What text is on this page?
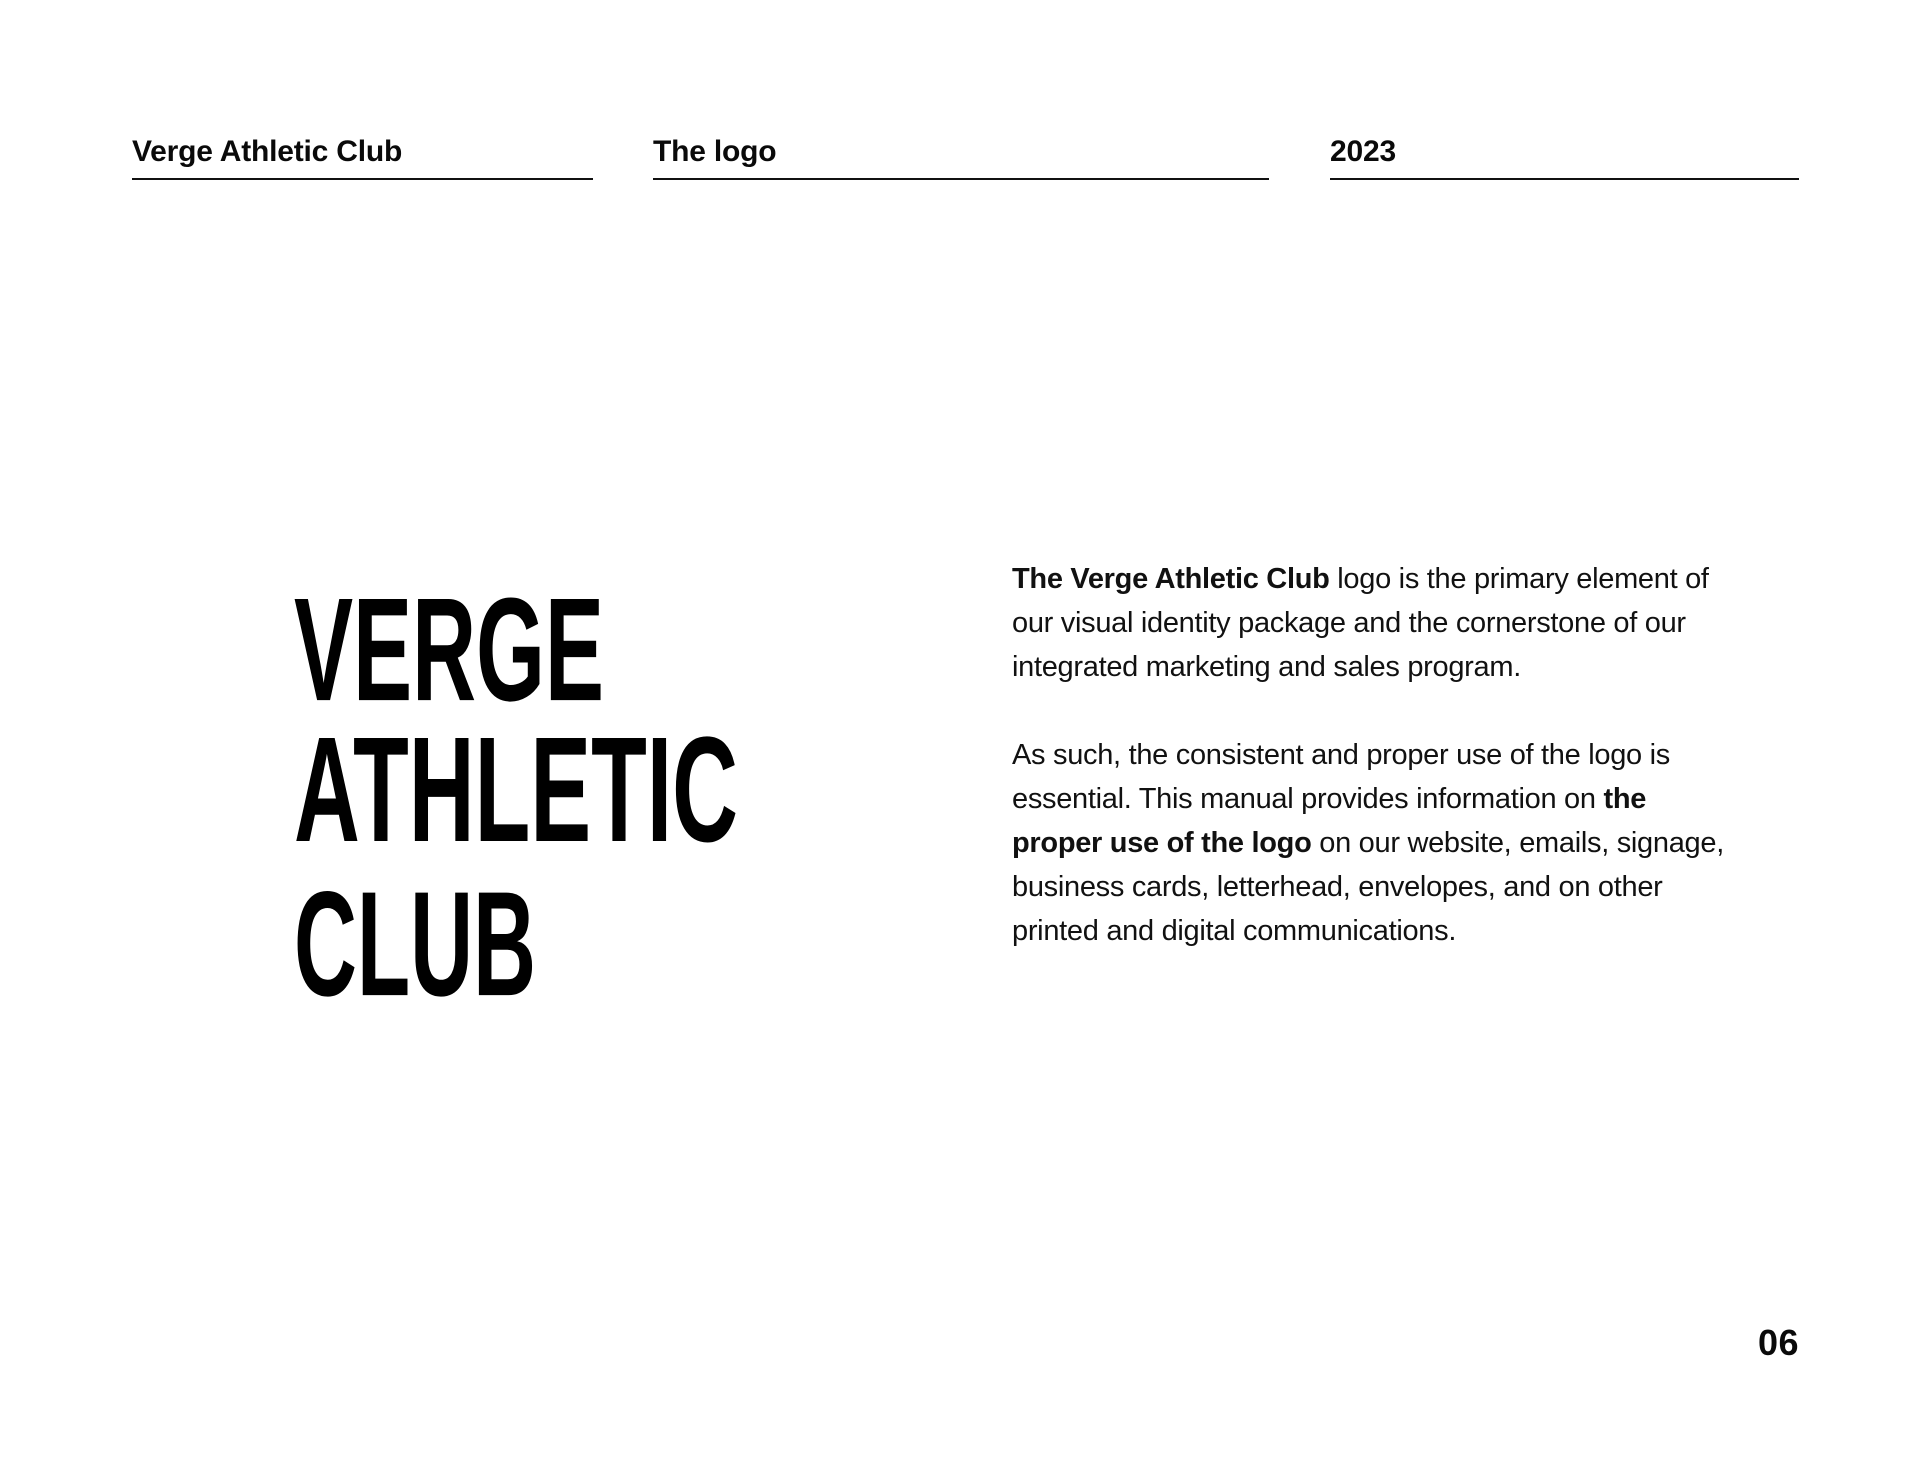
Verge Athletic Club	The logo	2023
VERGE
ATHLETIC
CLUB

The Verge Athletic Club logo is the primary element of our visual identity package and the cornerstone of our integrated marketing and sales program.

As such, the consistent and proper use of the logo is essential. This manual provides information on the proper use of the logo on our website, emails, signage, business cards, letterhead, envelopes, and on other printed and digital communications.

06
